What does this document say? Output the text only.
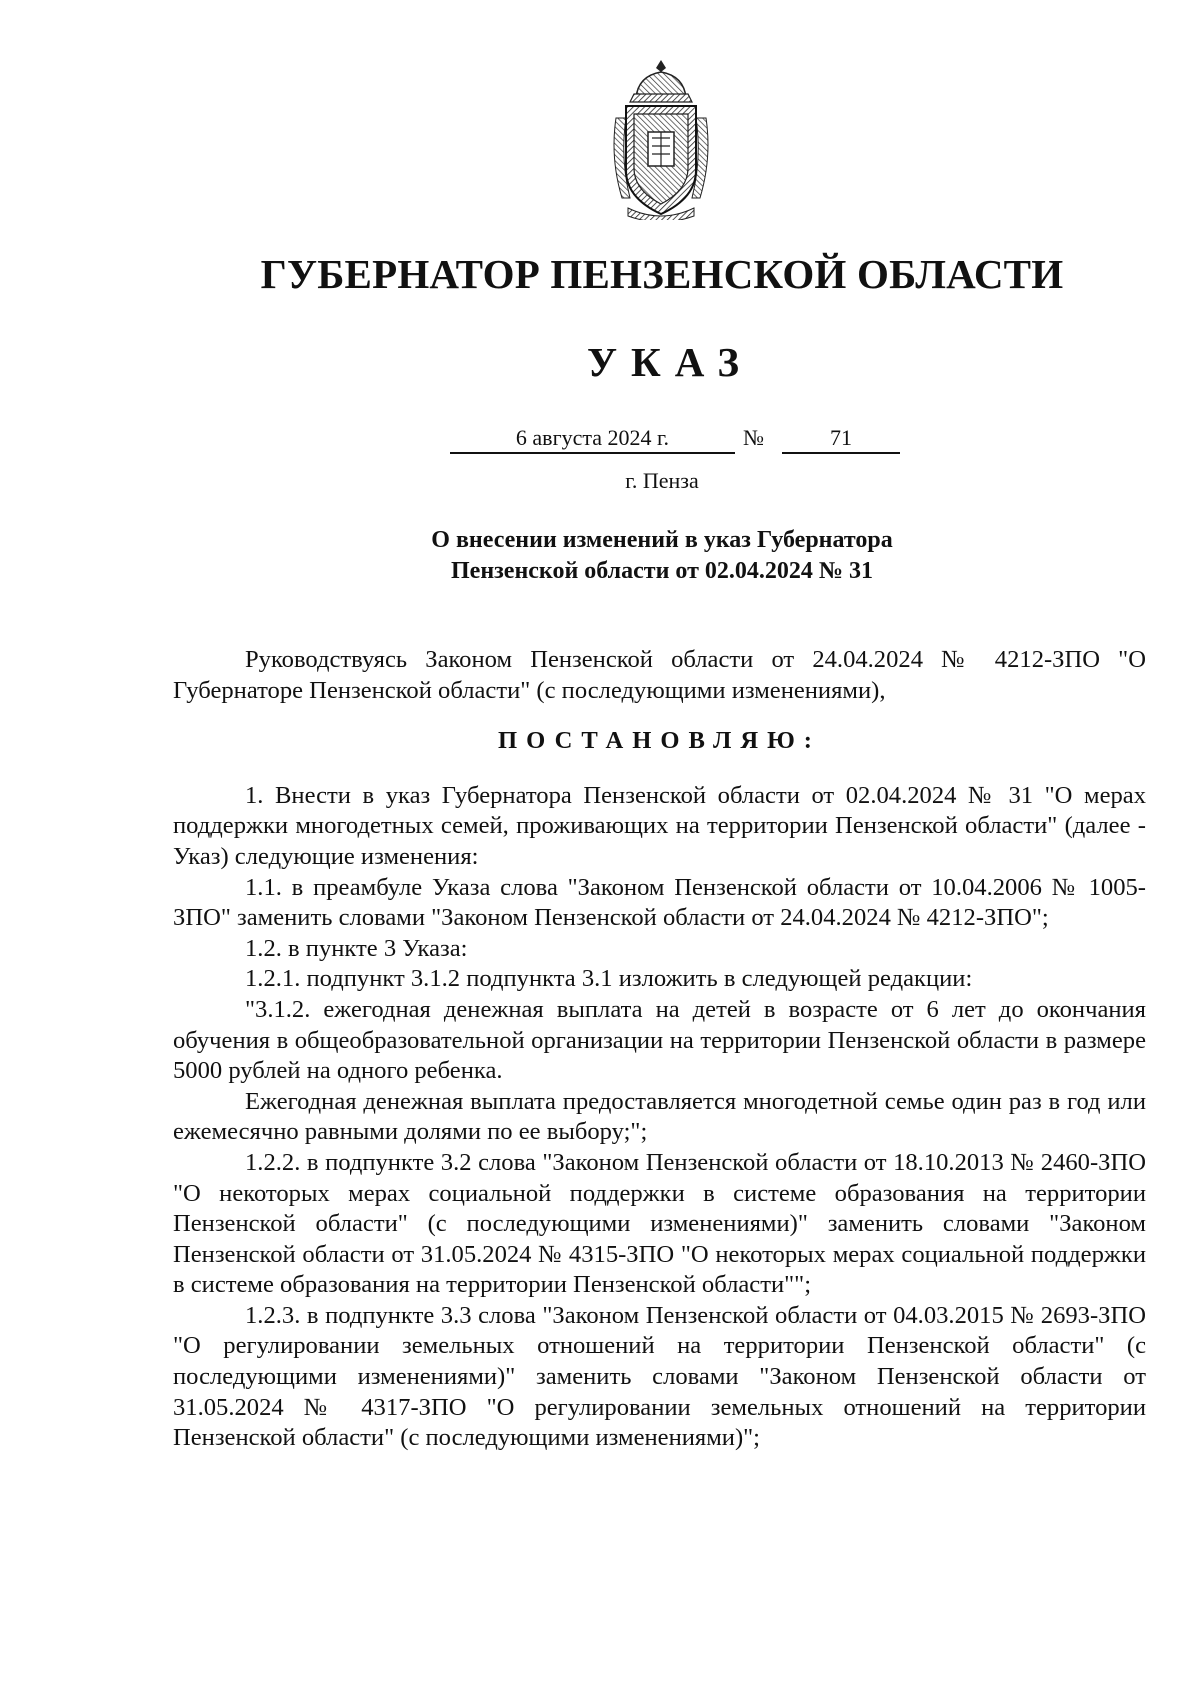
ГУБЕРНАТОР ПЕНЗЕНСКОЙ ОБЛАСТИ
УКАЗ
6 августа 2024 г.	№	71
г. Пенза
О внесении изменений в указ Губернатора
Пензенской области от 02.04.2024 № 31

Руководствуясь Законом Пензенской области от 24.04.2024 № 4212-ЗПО "О Губернаторе Пензенской области" (с последующими изменениями),

ПОСТАНОВЛЯЮ:

1. Внести в указ Губернатора Пензенской области от 02.04.2024 № 31 "О мерах поддержки многодетных семей, проживающих на территории Пензенской области" (далее - Указ) следующие изменения:

1.1. в преамбуле Указа слова "Законом Пензенской области от 10.04.2006 № 1005-ЗПО" заменить словами "Законом Пензенской области от 24.04.2024 № 4212-ЗПО";

1.2. в пункте 3 Указа:

1.2.1. подпункт 3.1.2 подпункта 3.1 изложить в следующей редакции:

"3.1.2. ежегодная денежная выплата на детей в возрасте от 6 лет до окончания обучения в общеобразовательной организации на территории Пензенской области в размере 5000 рублей на одного ребенка.

Ежегодная денежная выплата предоставляется многодетной семье один раз в год или ежемесячно равными долями по ее выбору;";

1.2.2. в подпункте 3.2 слова "Законом Пензенской области от 18.10.2013 № 2460-ЗПО "О некоторых мерах социальной поддержки в системе образования на территории Пензенской области" (с последующими изменениями)" заменить словами "Законом Пензенской области от 31.05.2024 № 4315-ЗПО "О некоторых мерах социальной поддержки в системе образования на территории Пензенской области"";

1.2.3. в подпункте 3.3 слова "Законом Пензенской области от 04.03.2015 № 2693-ЗПО "О регулировании земельных отношений на территории Пензенской области" (с последующими изменениями)" заменить словами "Законом Пензенской области от 31.05.2024 № 4317-ЗПО "О регулировании земельных отношений на территории Пензенской области" (с последующими изменениями)";
